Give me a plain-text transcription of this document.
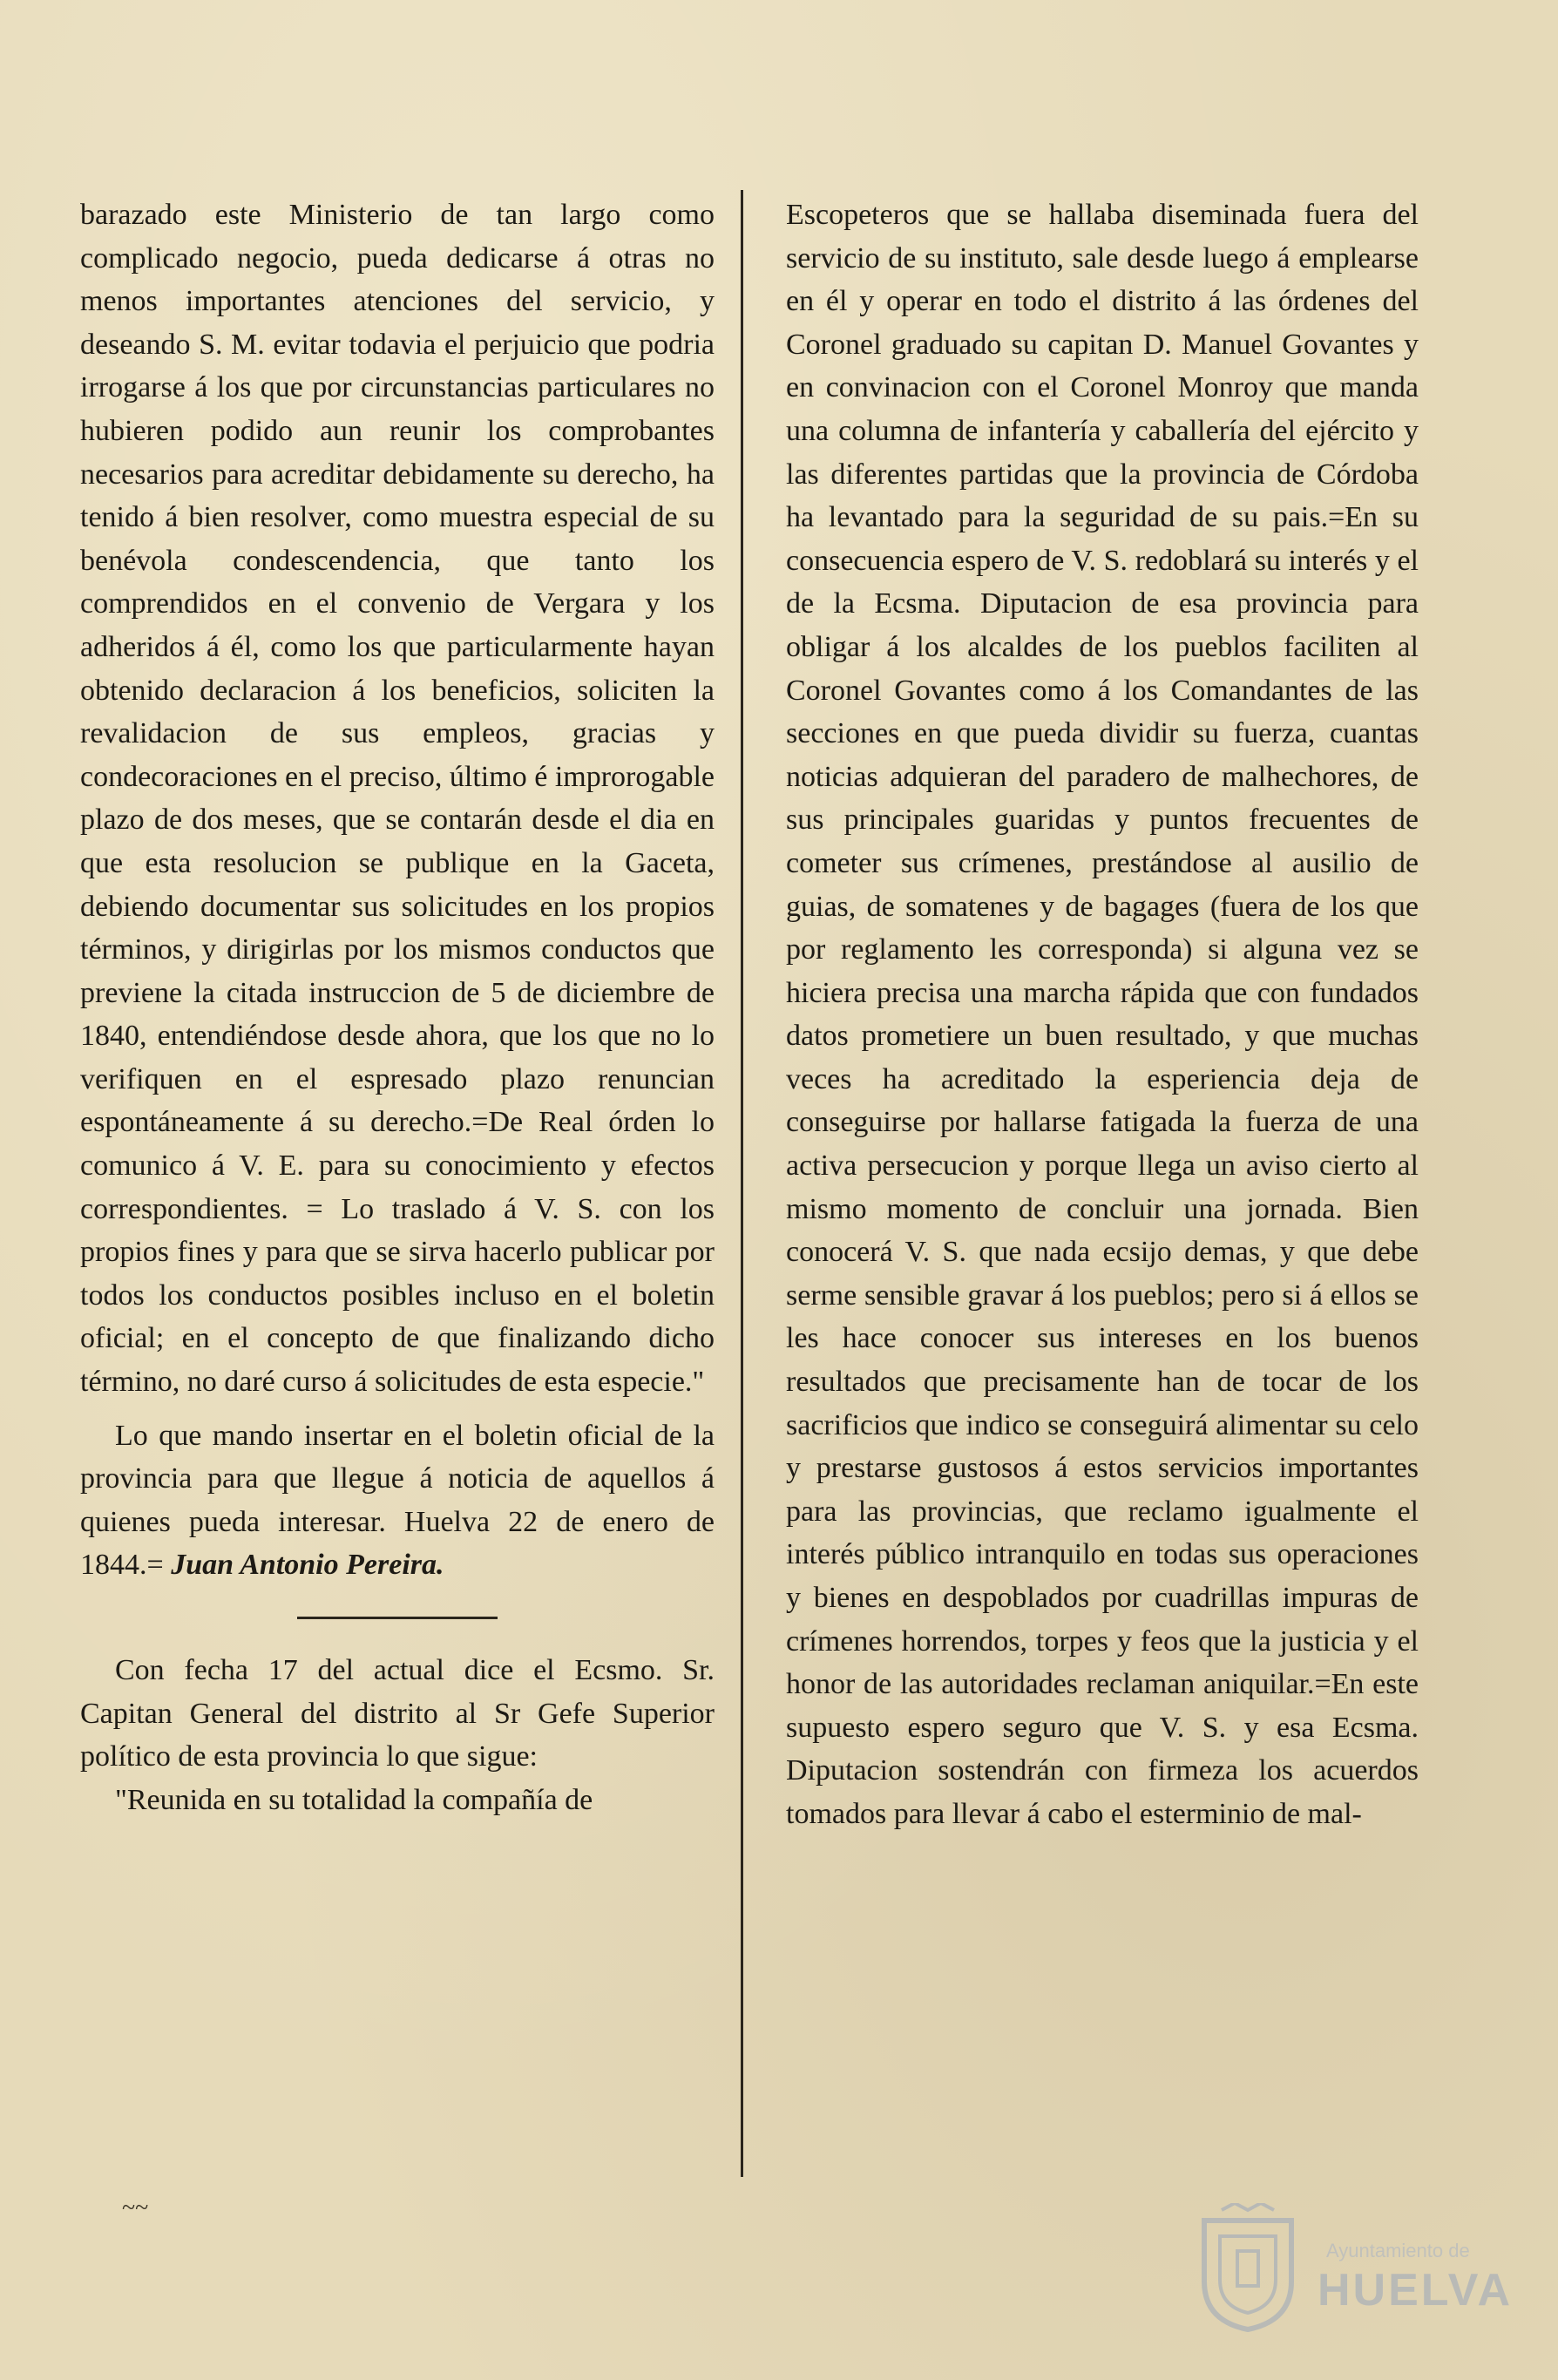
barazado este Ministerio de tan largo como complicado negocio, pueda dedicarse á otras no menos importantes atenciones del servicio, y deseando S. M. evitar todavia el perjuicio que podria irrogarse á los que por circunstancias particulares no hubieren podido aun reunir los comprobantes necesarios para acreditar debidamente su derecho, ha tenido á bien resolver, como muestra especial de su benévola condescendencia, que tanto los comprendidos en el convenio de Vergara y los adheridos á él, como los que particularmente hayan obtenido declaracion á los beneficios, soliciten la revalidacion de sus empleos, gracias y condecoraciones en el preciso, último é improrogable plazo de dos meses, que se contarán desde el dia en que esta resolucion se publique en la Gaceta, debiendo documentar sus solicitudes en los propios términos, y dirigirlas por los mismos conductos que previene la citada instruccion de 5 de diciembre de 1840, entendiéndose desde ahora, que los que no lo verifiquen en el espresado plazo renuncian espontáneamente á su derecho.=De Real órden lo comunico á V. E. para su conocimiento y efectos correspondientes. = Lo traslado á V. S. con los propios fines y para que se sirva hacerlo publicar por todos los conductos posibles incluso en el boletin oficial; en el concepto de que finalizando dicho término, no daré curso á solicitudes de esta especie."

Lo que mando insertar en el boletin oficial de la provincia para que llegue á noticia de aquellos á quienes pueda interesar. Huelva 22 de enero de 1844.= Juan Antonio Pereira.

Con fecha 17 del actual dice el Ecsmo. Sr. Capitan General del distrito al Sr Gefe Superior político de esta provincia lo que sigue:

"Reunida en su totalidad la compañía de

Escopeteros que se hallaba diseminada fuera del servicio de su instituto, sale desde luego á emplearse en él y operar en todo el distrito á las órdenes del Coronel graduado su capitan D. Manuel Govantes y en convinacion con el Coronel Monroy que manda una columna de infantería y caballería del ejército y las diferentes partidas que la provincia de Córdoba ha levantado para la seguridad de su pais.=En su consecuencia espero de V. S. redoblará su interés y el de la Ecsma. Diputacion de esa provincia para obligar á los alcaldes de los pueblos faciliten al Coronel Govantes como á los Comandantes de las secciones en que pueda dividir su fuerza, cuantas noticias adquieran del paradero de malhechores, de sus principales guaridas y puntos frecuentes de cometer sus crímenes, prestándose al ausilio de guias, de somatenes y de bagages (fuera de los que por reglamento les corresponda) si alguna vez se hiciera precisa una marcha rápida que con fundados datos prometiere un buen resultado, y que muchas veces ha acreditado la esperiencia deja de conseguirse por hallarse fatigada la fuerza de una activa persecucion y porque llega un aviso cierto al mismo momento de concluir una jornada. Bien conocerá V. S. que nada ecsijo demas, y que debe serme sensible gravar á los pueblos; pero si á ellos se les hace conocer sus intereses en los buenos resultados que precisamente han de tocar de los sacrificios que indico se conseguirá alimentar su celo y prestarse gustosos á estos servicios importantes para las provincias, que reclamo igualmente el interés público intranquilo en todas sus operaciones y bienes en despoblados por cuadrillas impuras de crímenes horrendos, torpes y feos que la justicia y el honor de las autoridades reclaman aniquilar.=En este supuesto espero seguro que V. S. y esa Ecsma. Diputacion sostendrán con firmeza los acuerdos tomados para llevar á cabo el esterminio de mal-

~~
Ayuntamiento de
HUELVA
